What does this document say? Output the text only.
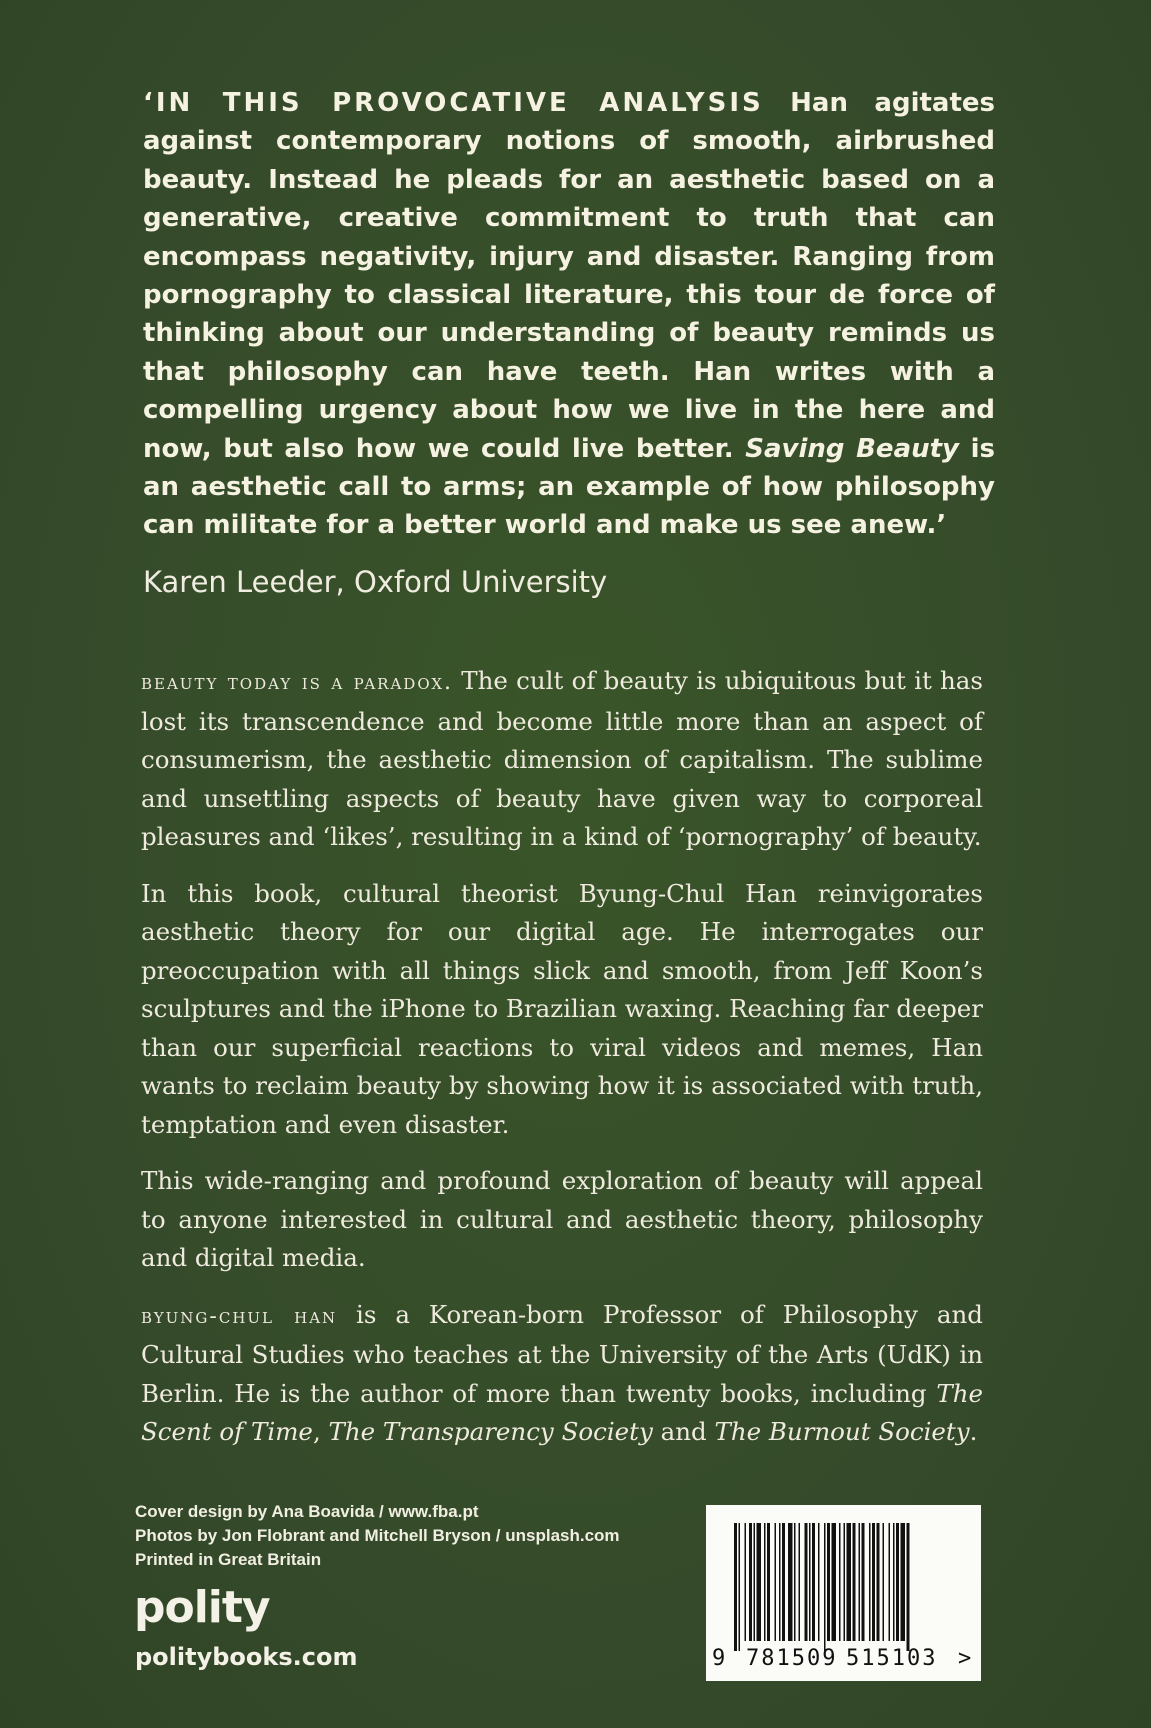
‘IN THIS PROVOCATIVE ANALYSIS Han agitates against contemporary notions of smooth, airbrushed beauty. Instead he pleads for an aesthetic based on a generative, creative commitment to truth that can encompass negativity, injury and disaster. Ranging from pornography to classical literature, this tour de force of thinking about our understanding of beauty reminds us that philosophy can have teeth. Han writes with a compelling urgency about how we live in the here and now, but also how we could live better. Saving Beauty is an aesthetic call to arms; an example of how philosophy can militate for a better world and make us see anew.’

Karen Leeder, Oxford University

beauty today is a paradox. The cult of beauty is ubiquitous but it has lost its transcendence and become little more than an aspect of consumerism, the aesthetic dimension of capitalism. The sublime and unsettling aspects of beauty have given way to corporeal pleasures and ‘likes’, resulting in a kind of ‘pornography’ of beauty.

In this book, cultural theorist Byung-Chul Han reinvigorates aesthetic theory for our digital age. He interrogates our preoccupation with all things slick and smooth, from Jeff Koon’s sculptures and the iPhone to Brazilian waxing. Reaching far deeper than our superficial reactions to viral videos and memes, Han wants to reclaim beauty by showing how it is associated with truth, temptation and even disaster.

This wide-ranging and profound exploration of beauty will appeal to anyone interested in cultural and aesthetic theory, philosophy and digital media.

byung-chul han is a Korean-born Professor of Philosophy and Cultural Studies who teaches at the University of the Arts (UdK) in Berlin. He is the author of more than twenty books, including The Scent of Time, The Transparency Society and The Burnout Society.

Cover design by Ana Boavida / www.fba.pt
Photos by Jon Flobrant and Mitchell Bryson / unsplash.com
Printed in Great Britain
polity
politybooks.com	9 781509 515103 >
